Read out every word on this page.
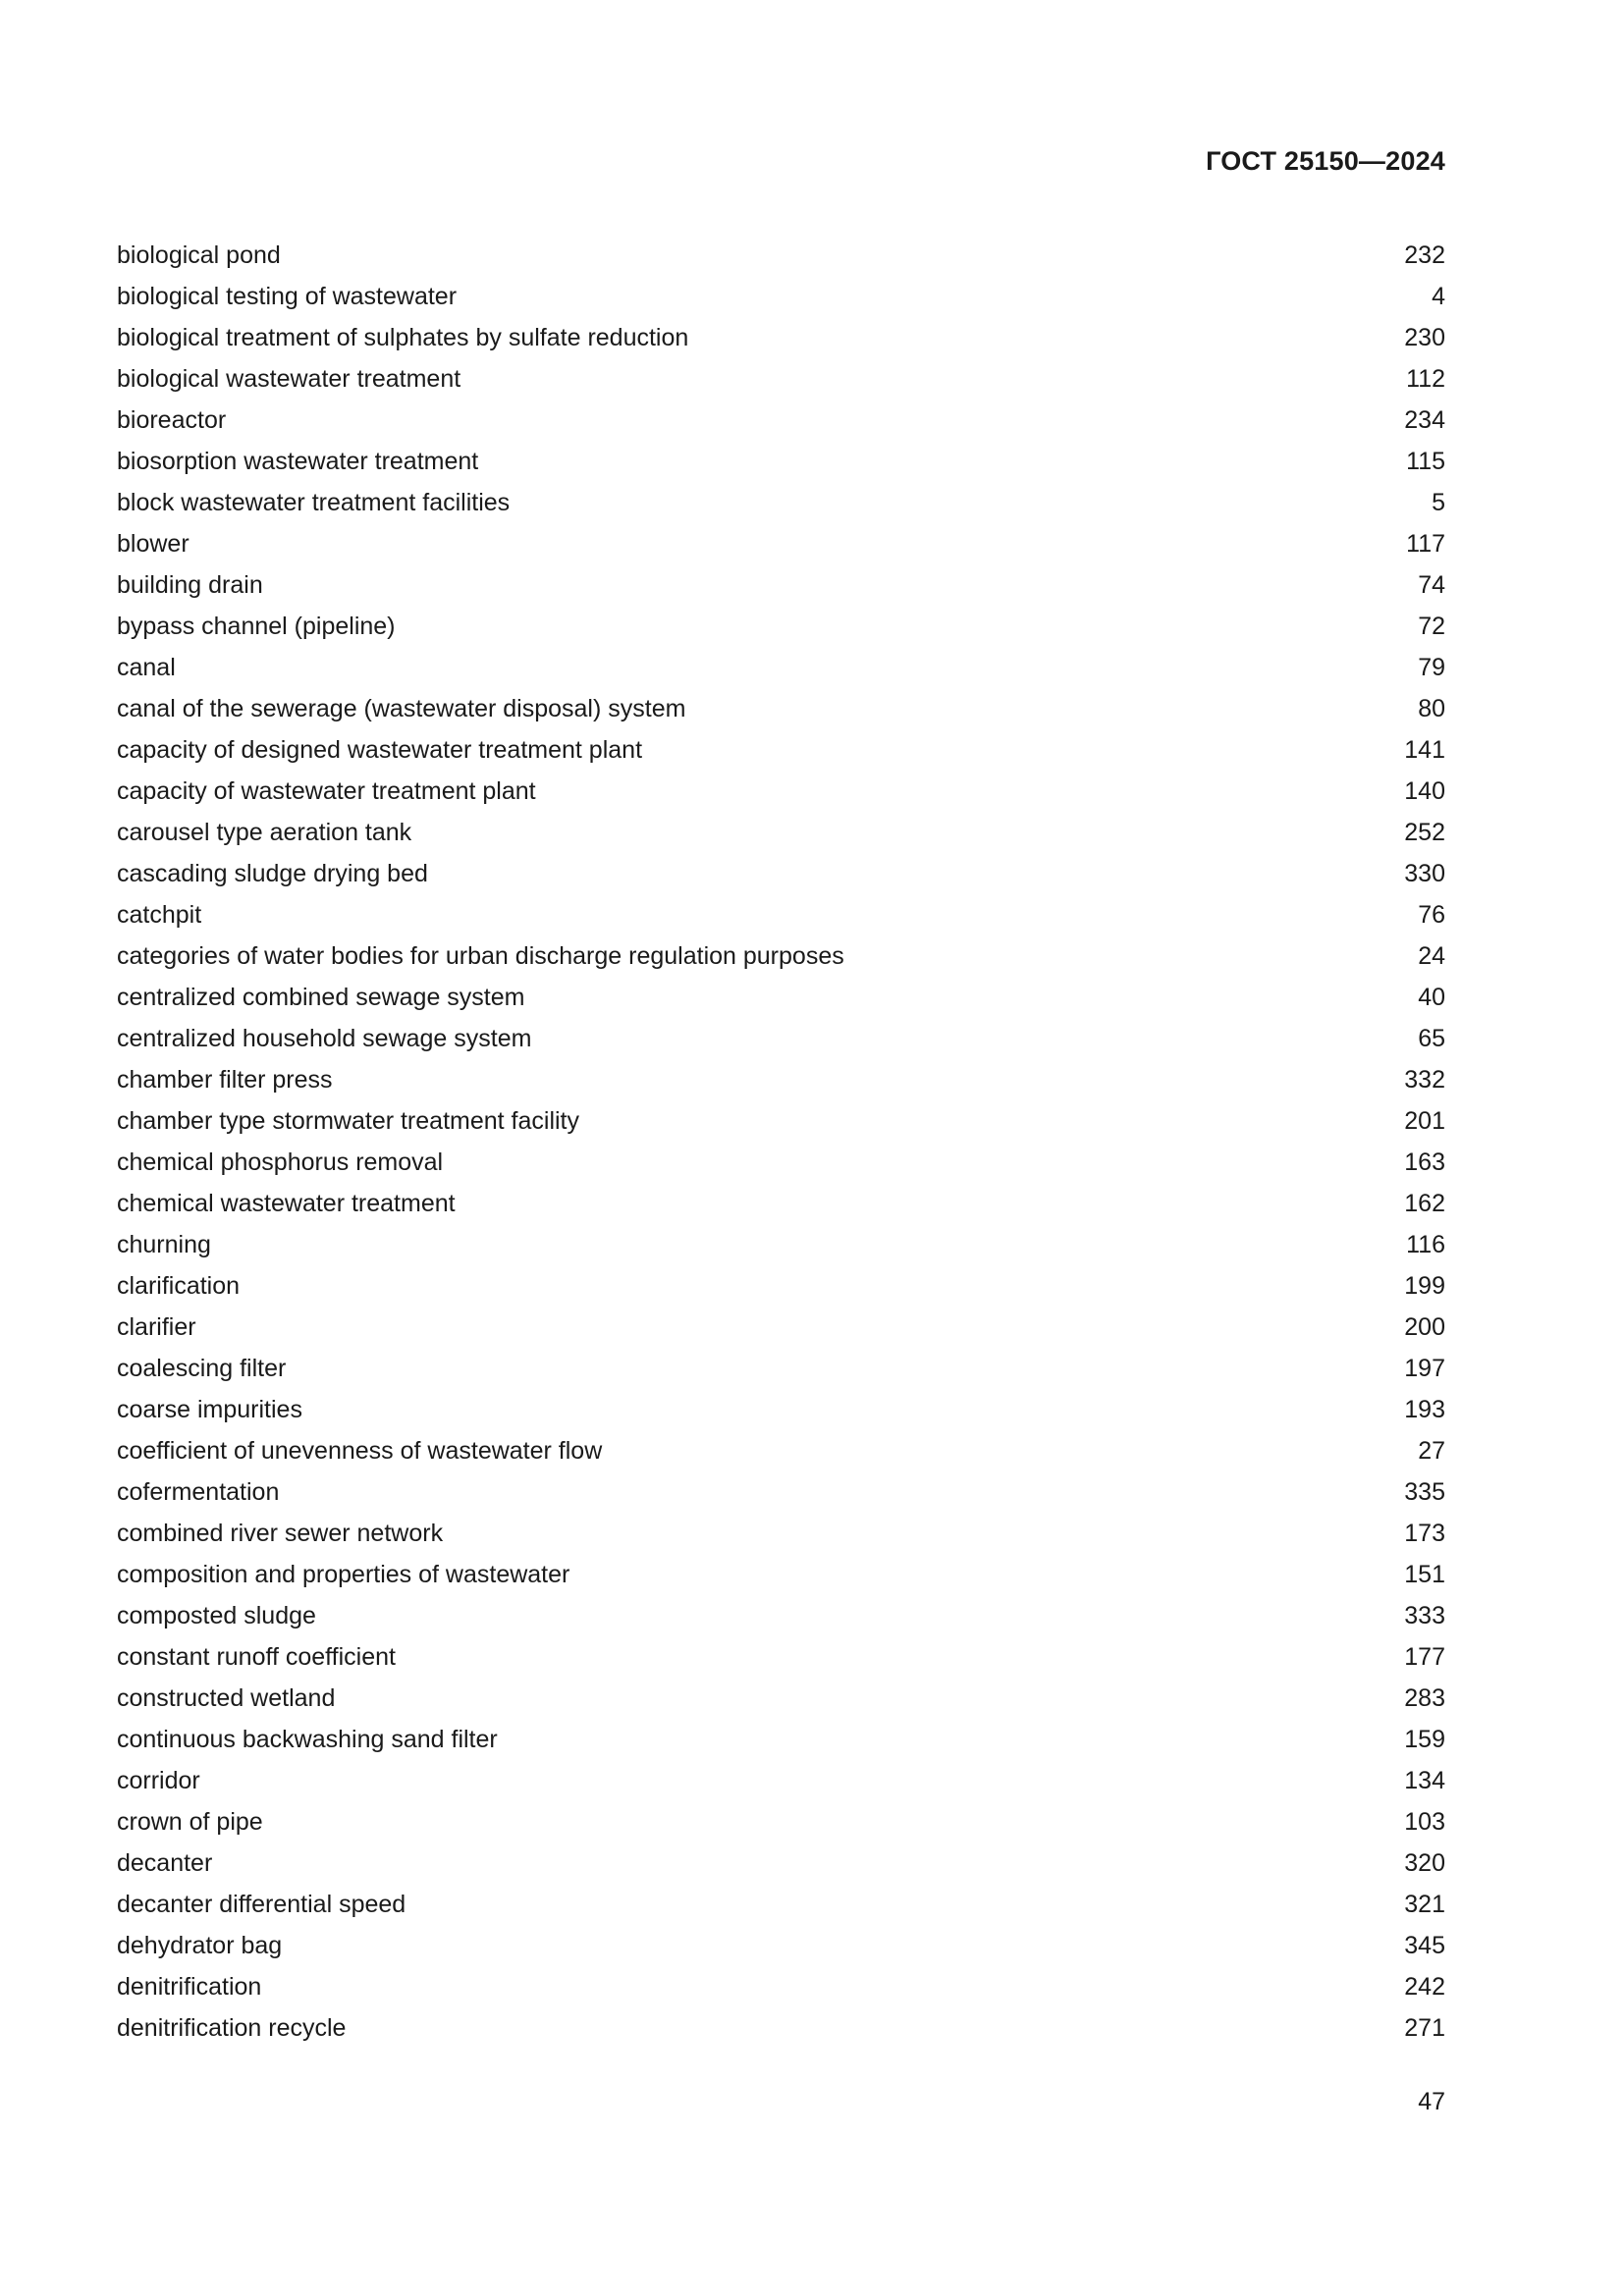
ГОСТ 25150—2024
biological pond	232
biological testing of wastewater	4
biological treatment of sulphates by sulfate reduction	230
biological wastewater treatment	112
bioreactor	234
biosorption wastewater treatment	115
block wastewater treatment facilities	5
blower	117
building drain	74
bypass channel (pipeline)	72
canal	79
canal of the sewerage (wastewater disposal) system	80
capacity of designed wastewater treatment plant	141
capacity of wastewater treatment plant	140
carousel type aeration tank	252
cascading sludge drying bed	330
catchpit	76
categories of water bodies for urban discharge regulation purposes	24
centralized combined sewage system	40
centralized household sewage system	65
chamber filter press	332
chamber type stormwater treatment facility	201
chemical phosphorus removal	163
chemical wastewater treatment	162
churning	116
clarification	199
clarifier	200
coalescing filter	197
coarse impurities	193
coefficient of unevenness of wastewater flow	27
cofermentation	335
combined river sewer network	173
composition and properties of wastewater	151
composted sludge	333
constant runoff coefficient	177
constructed wetland	283
continuous backwashing sand filter	159
corridor	134
crown of pipe	103
decanter	320
decanter differential speed	321
dehydrator bag	345
denitrification	242
denitrification recycle	271
47
